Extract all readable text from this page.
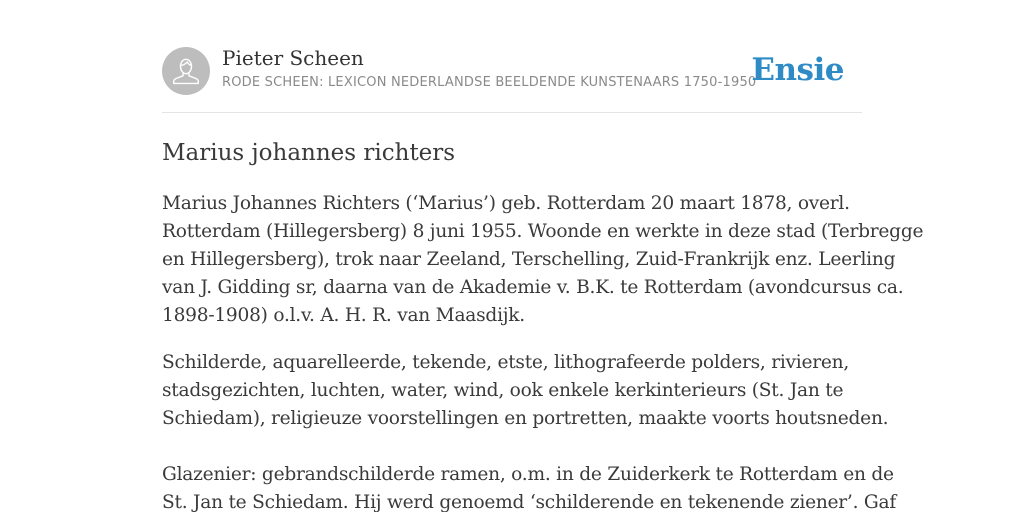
Pieter Scheen
RODE SCHEEN: LEXICON NEDERLANDSE BEELDENDE KUNSTENAARS 1750-1950
Ensie
Marius johannes richters

Marius Johannes Richters (‘Marius’) geb. Rotterdam 20 maart 1878, overl.
Rotterdam (Hillegersberg) 8 juni 1955. Woonde en werkte in deze stad (Terbregge
en Hillegersberg), trok naar Zeeland, Terschelling, Zuid-Frankrijk enz. Leerling
van J. Gidding sr, daarna van de Akademie v. B.K. te Rotterdam (avondcursus ca.
1898-1908) o.l.v. A. H. R. van Maasdijk.

Schilderde, aquarelleerde, tekende, etste, lithografeerde polders, rivieren,
stadsgezichten, luchten, water, wind, ook enkele kerkinterieurs (St. Jan te
Schiedam), religieuze voorstellingen en portretten, maakte voorts houtsneden.

Glazenier: gebrandschilderde ramen, o.m. in de Zuiderkerk te Rotterdam en de
St. Jan te Schiedam. Hij werd genoemd ‘schilderende en tekenende ziener’. Gaf
